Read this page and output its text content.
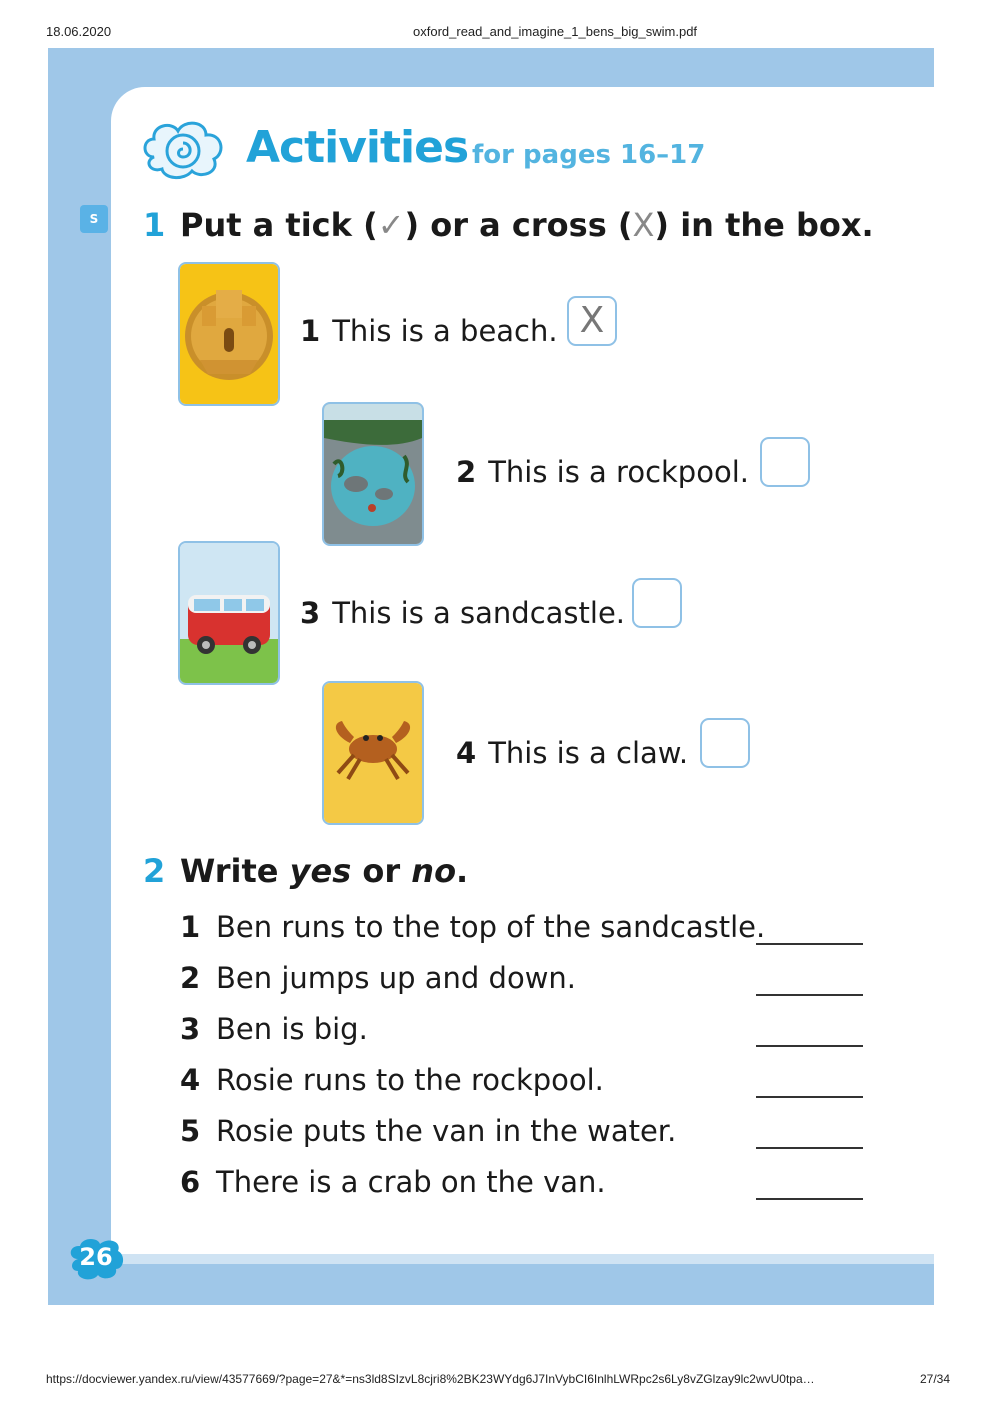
18.06.2020	oxford_read_and_imagine_1_bens_big_swim.pdf
https://docviewer.yandex.ru/view/43577669/?page=27&*=ns3ld8SIzvL8cjri8%2BK23WYdg6J7InVybCI6InlhLWRpc2s6Ly8vZGlzay9lc2wvU0tpa…	27/34
Activities for pages 16–17
S	1 Put a tick (✓) or a cross (X) in the box.
1 This is a beach. X
2 This is a rockpool.
3 This is a sandcastle.
4 This is a claw.
2 Write yes or no.
1 Ben runs to the top of the sandcastle.
2 Ben jumps up and down.
3 Ben is big.
4 Rosie runs to the rockpool.
5 Rosie puts the van in the water.
6 There is a crab on the van.
26
